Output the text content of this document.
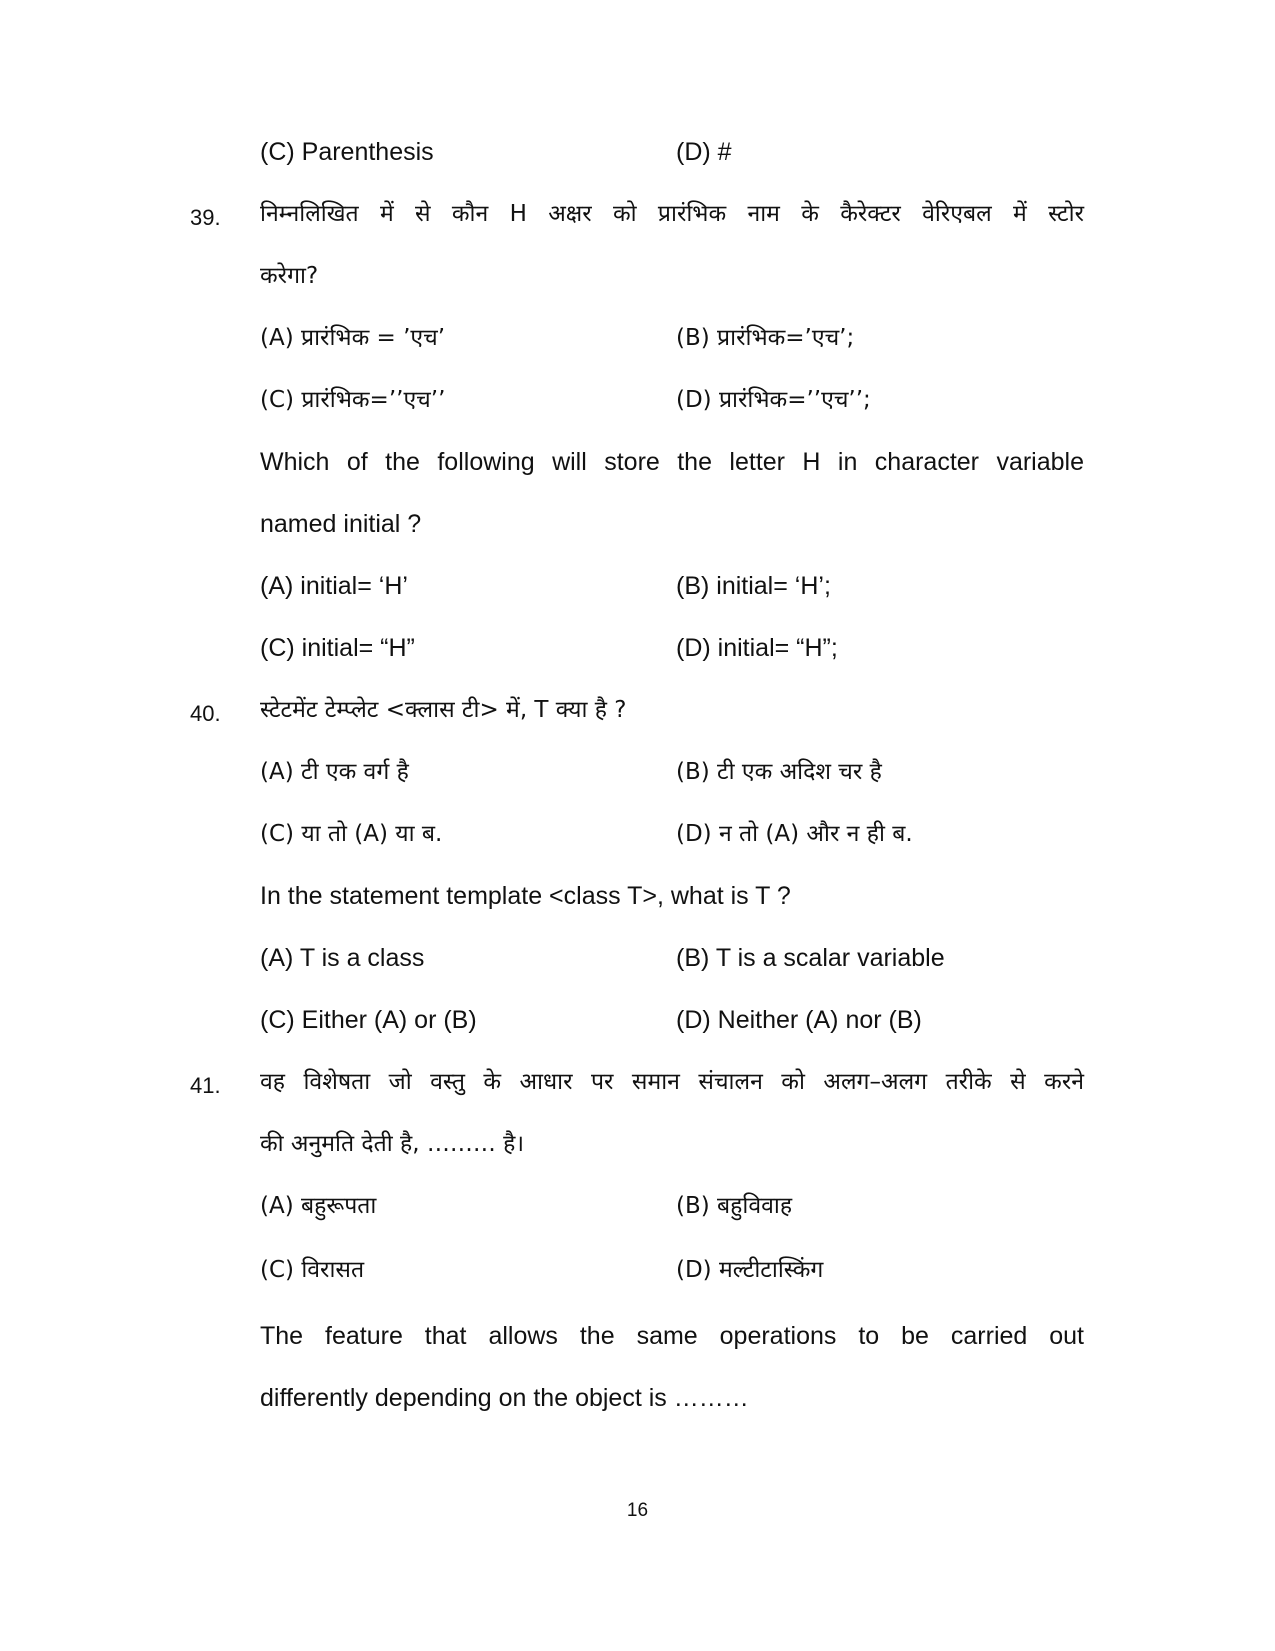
(C) Parenthesis	(D) #
39. निम्नलिखित में से कौन H अक्षर को प्रारंभिक नाम के कैरेक्टर वेरिएबल में स्टोर
करेगा?
(A) प्रारंभिक = ’एच’	(B) प्रारंभिक=’एच’;
(C) प्रारंभिक=’’एच’’	(D) प्रारंभिक=’’एच’’;
Which of the following will store the letter H in character variable
named initial ?
(A) initial= ‘H’	(B) initial= ‘H’;
(C) initial= “H”	(D) initial= “H”;
40. स्टेटमेंट टेम्प्लेट <क्लास टी> में, T क्या है ?
(A) टी एक वर्ग है	(B) टी एक अदिश चर है
(C) या तो (A) या ब.	(D) न तो (A) और न ही ब.
In the statement template <class T>, what is T ?
(A) T is a class	(B) T is a scalar variable
(C) Either (A) or (B)	(D) Neither (A) nor (B)
41. वह विशेषता जो वस्तु के आधार पर समान संचालन को अलग–अलग तरीके से करने
की अनुमति देती है, ……… है।
(A) बहुरूपता	(B) बहुविवाह
(C) विरासत	(D) मल्टीटास्किंग
The feature that allows the same operations to be carried out
differently depending on the object is ………
16
